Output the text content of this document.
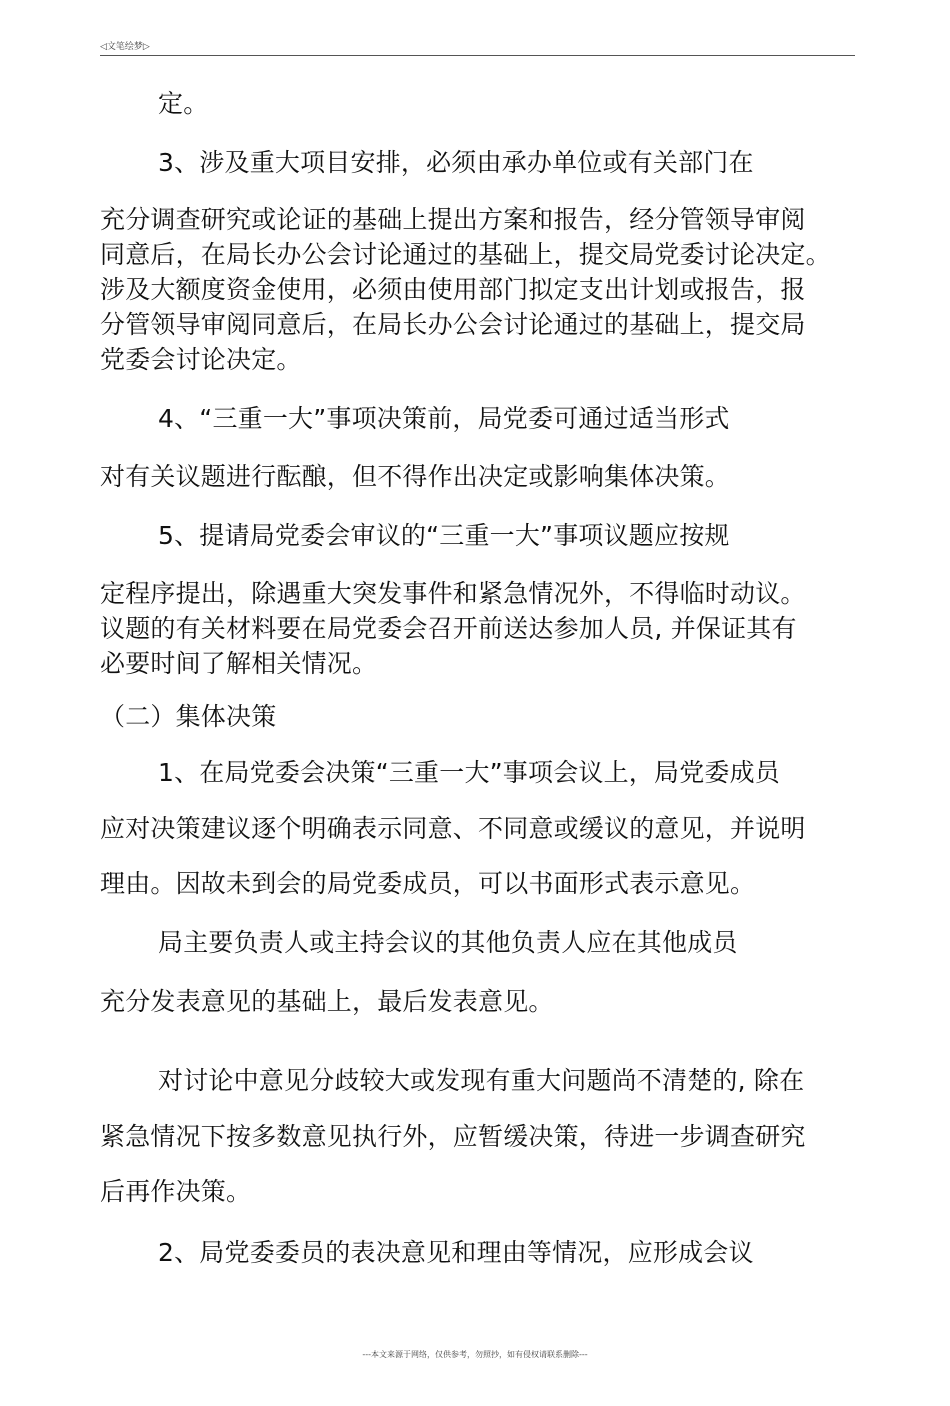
◁文笔绘梦▷

定。

3、涉及重大项目安排，必须由承办单位或有关部门在

充分调查研究或论证的基础上提出方案和报告，经分管领导审阅

同意后，在局长办公会讨论通过的基础上，提交局党委讨论决定。

涉及大额度资金使用，必须由使用部门拟定支出计划或报告，报

分管领导审阅同意后，在局长办公会讨论通过的基础上，提交局

党委会讨论决定。

4、“三重一大”事项决策前，局党委可通过适当形式

对有关议题进行酝酿，但不得作出决定或影响集体决策。

5、提请局党委会审议的“三重一大”事项议题应按规

定程序提出，除遇重大突发事件和紧急情况外，不得临时动议。

议题的有关材料要在局党委会召开前送达参加人员, 并保证其有

必要时间了解相关情况。

（二）集体决策

1、在局党委会决策“三重一大”事项会议上，局党委成员

应对决策建议逐个明确表示同意、不同意或缓议的意见，并说明

理由。因故未到会的局党委成员，可以书面形式表示意见。

局主要负责人或主持会议的其他负责人应在其他成员

充分发表意见的基础上，最后发表意见。

对讨论中意见分歧较大或发现有重大问题尚不清楚的, 除在

紧急情况下按多数意见执行外，应暂缓决策，待进一步调查研究

后再作决策。

2、局党委委员的表决意见和理由等情况，应形成会议

---本文来源于网络，仅供参考，勿照抄，如有侵权请联系删除---
